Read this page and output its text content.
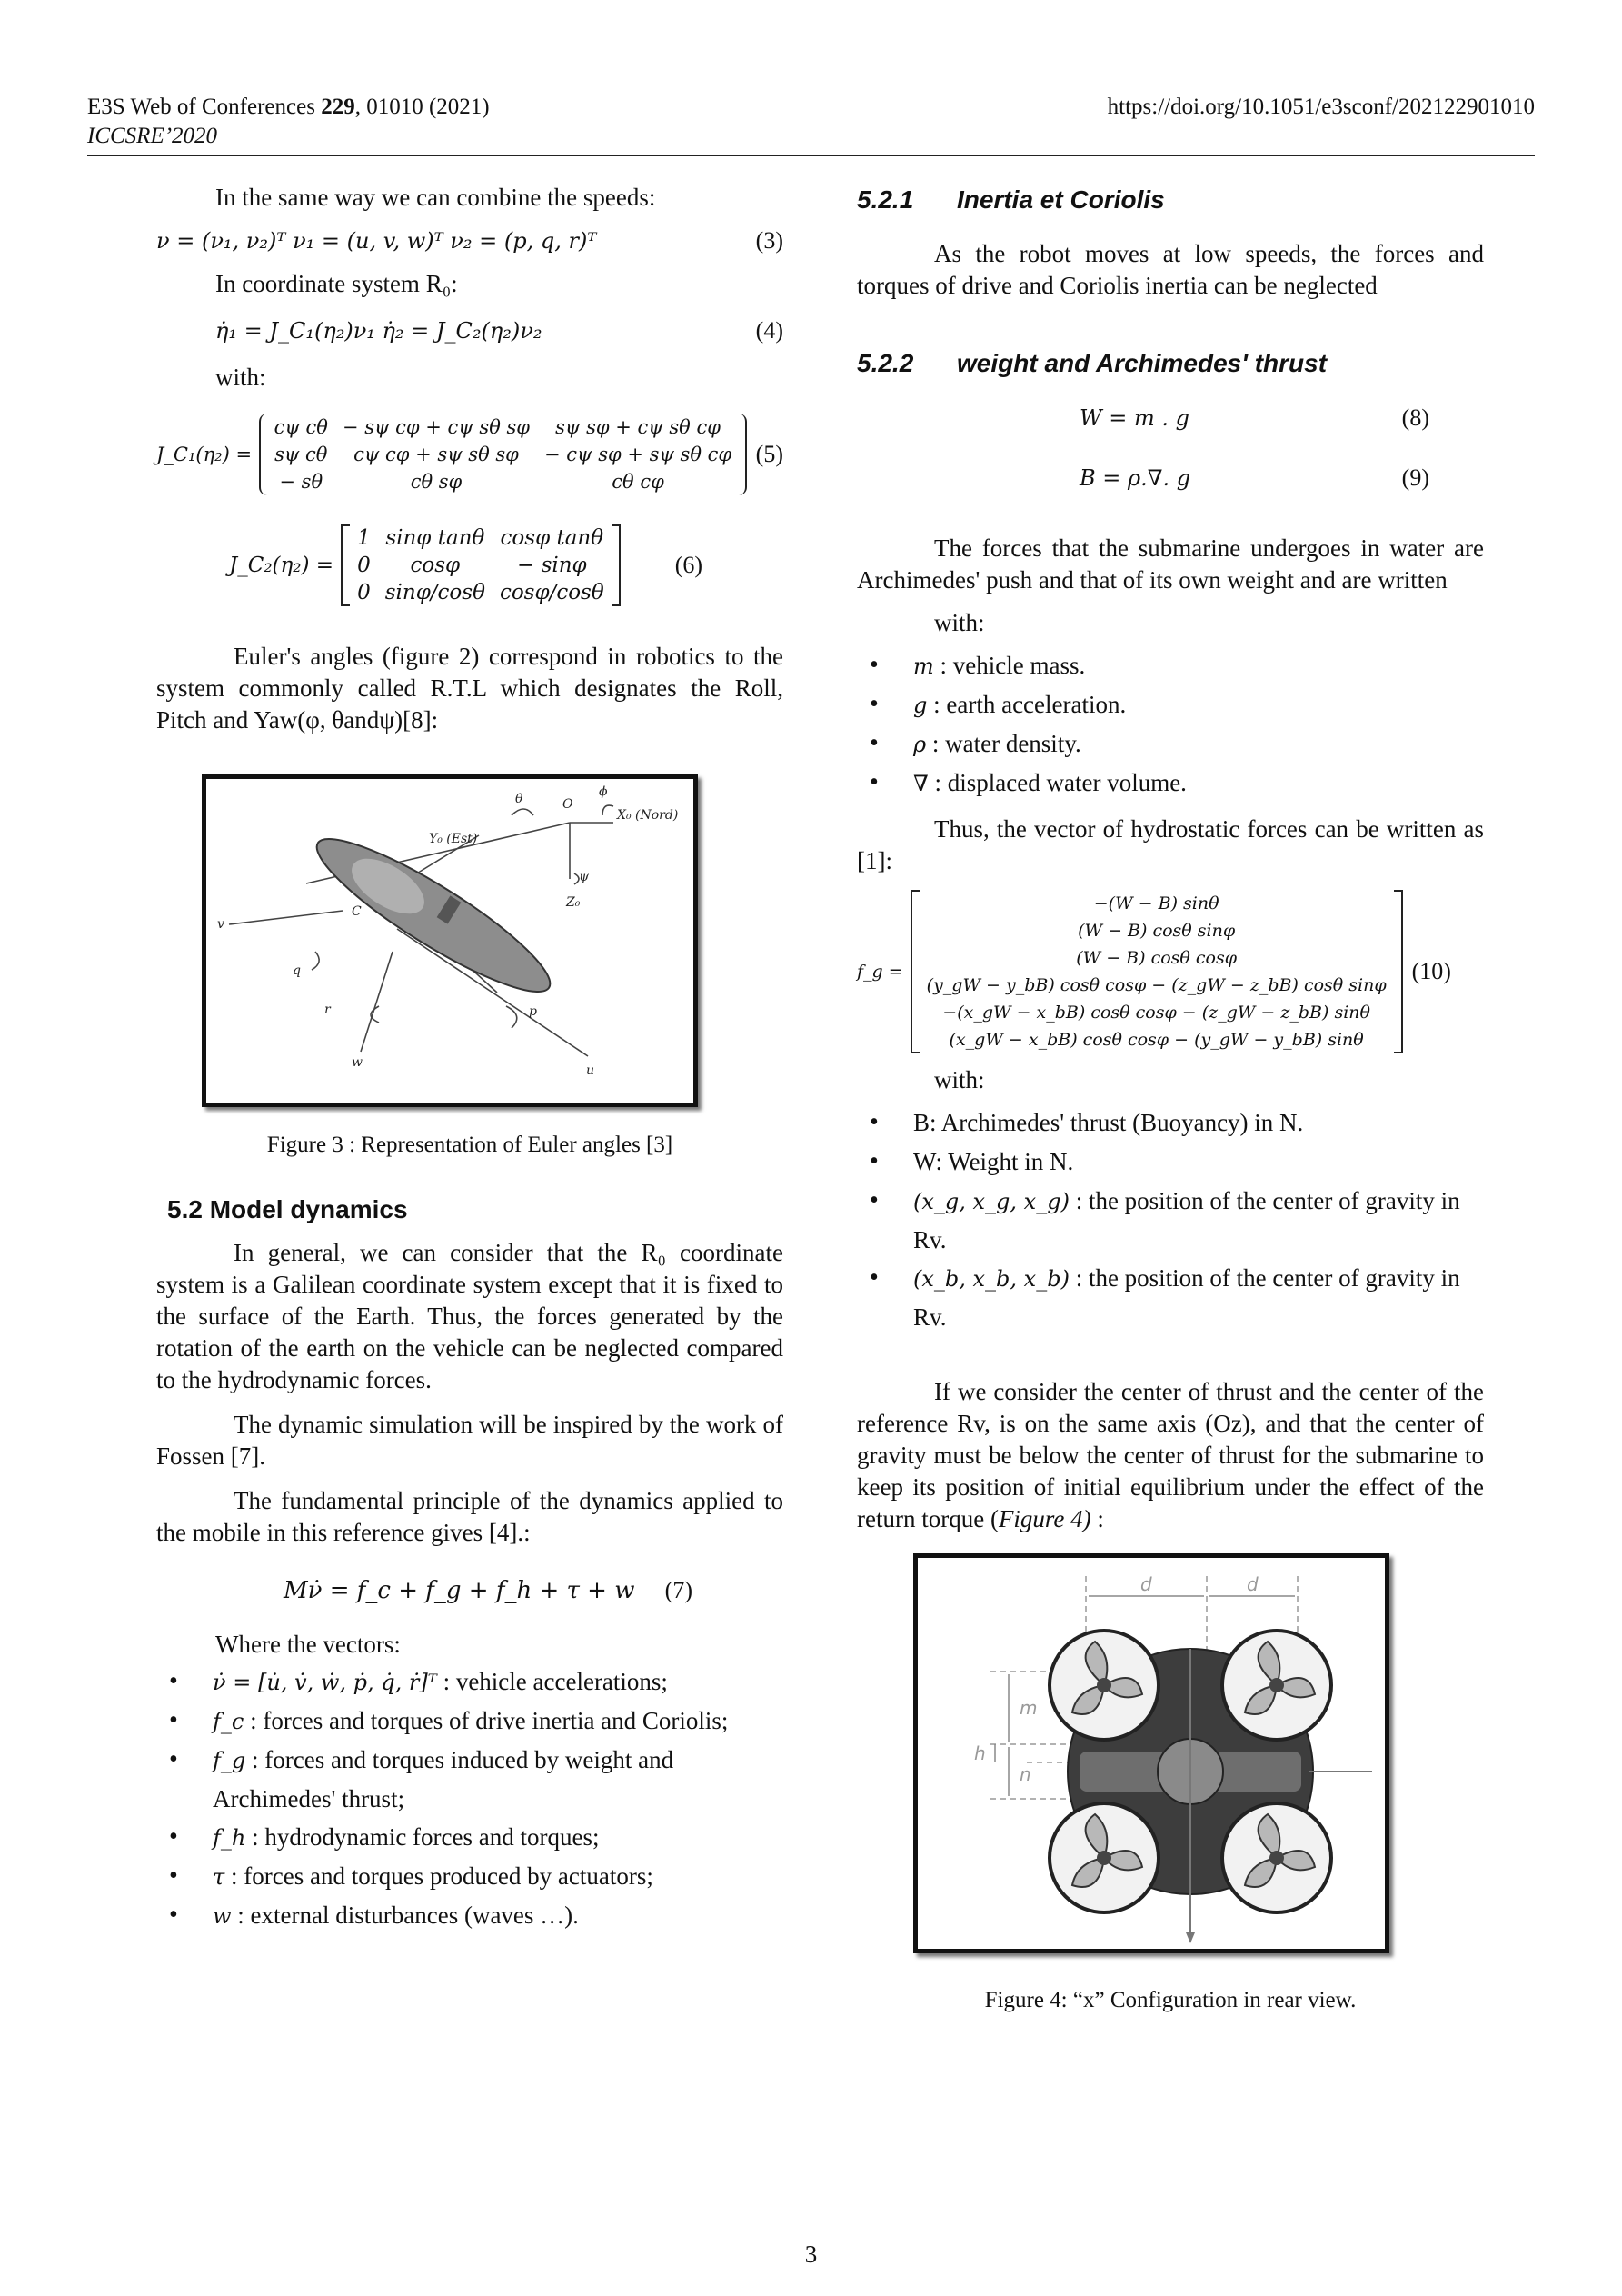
E3S Web of Conferences 229, 01010 (2021)
ICCSRE’2020
https://doi.org/10.1051/e3sconf/202122901010

In the same way we can combine the speeds:

ν = (ν₁, ν₂)ᵀ ν₁ = (u, v, w)ᵀ ν₂ = (p, q, r)ᵀ	(3)

In coordinate system R₀:

η̇₁ = J_C₁(η₂)ν₁ η̇₂ = J_C₂(η₂)ν₂	(4)

with:

J_C₁(η₂) =
cψ cθ	− sψ cφ + cψ sθ sφ	sψ sφ + cψ sθ cφ
sψ cθ	cψ cφ + sψ sθ sφ	− cψ sφ + sψ sθ cφ
− sθ	cθ sφ	cθ cφ
(5)
J_C₂(η₂) =
1	sinφ tanθ	cosφ tanθ
0	cosφ	− sinφ
0	sinφ/cosθ	cosφ/cosθ
(6)

Euler's angles (figure 2) correspond in robotics to the system commonly called R.T.L which designates the Roll, Pitch and Yaw(φ, θandψ)[8]:

O
X₀ (Nord)
Y₀ (Est)
Z₀
θ	ϕ
ψ
v
q
C
r	p
u
w

Figure 3 : Representation of Euler angles [3]

5.2 Model dynamics

In general, we can consider that the R₀ coordinate system is a Galilean coordinate system except that it is fixed to the surface of the Earth. Thus, the forces generated by the rotation of the earth on the vehicle can be neglected compared to the hydrodynamic forces.

The dynamic simulation will be inspired by the work of Fossen [7].

The fundamental principle of the dynamics applied to the mobile in this reference gives [4].:

Mν̇ = f_c + f_g + f_h + τ + w	(7)

Where the vectors:

• ν̇ = [u̇, v̇, ẇ, ṗ, q̇, ṙ]ᵀ : vehicle accelerations;
• f_c : forces and torques of drive inertia and Coriolis;
• f_g : forces and torques induced by weight and Archimedes' thrust;
• f_h : hydrodynamic forces and torques;
• τ : forces and torques produced by actuators;
• w : external disturbances (waves …).
5.2.1 Inertia et Coriolis

As the robot moves at low speeds, the forces and torques of drive and Coriolis inertia can be neglected

5.2.2 weight and Archimedes' thrust
W = m . g	(8)
B = ρ.∇. g	(9)

The forces that the submarine undergoes in water are Archimedes' push and that of its own weight and are written

with:

• m : vehicle mass.
• g : earth acceleration.
• ρ : water density.
• ∇ : displaced water volume.

Thus, the vector of hydrostatic forces can be written as [1]:

f_g =
−(W − B) sinθ
(W − B) cosθ sinφ
(W − B) cosθ cosφ
(y_gW − y_bB) cosθ cosφ − (z_gW − z_bB) cosθ sinφ
−(x_gW − x_bB) cosθ cosφ − (z_gW − z_bB) sinθ
(x_gW − x_bB) cosθ cosφ − (y_gW − y_bB) sinθ
(10)

with:

• B: Archimedes' thrust (Buoyancy) in N.
• W: Weight in N.
• (x_g, x_g, x_g) : the position of the center of gravity in Rv.
• (x_b, x_b, x_b) : the position of the center of gravity in Rv.

If we consider the center of thrust and the center of the reference Rv, is on the same axis (Oz), and that the center of gravity must be below the center of thrust for the submarine to keep its position of initial equilibrium under the effect of the return torque (Figure 4) :

d	d
m
h
n

Figure 4: “x” Configuration in rear view.

3
